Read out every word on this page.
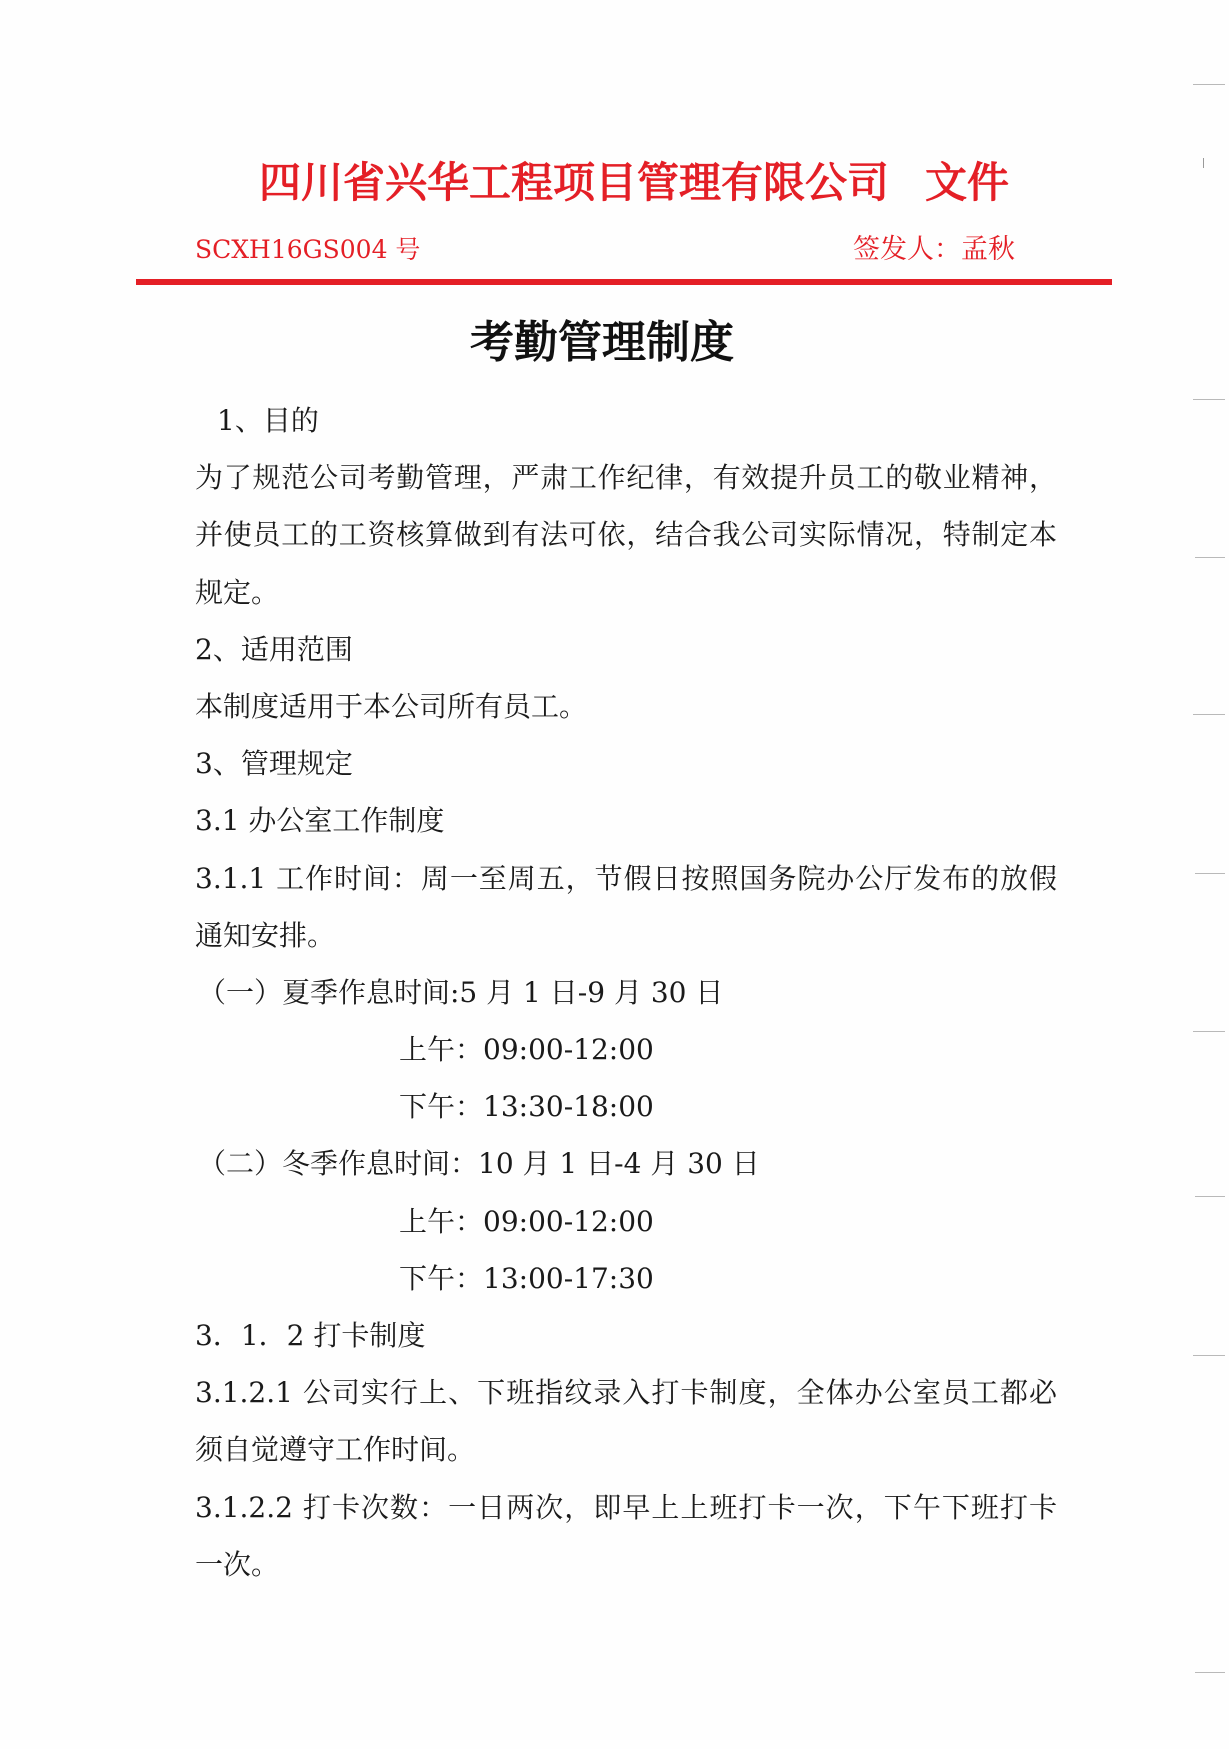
四川省兴华工程项目管理有限公司 文件
SCXH16GS004 号	签发人：孟秋
考勤管理制度
1、目的
为了规范公司考勤管理，严肃工作纪律，有效提升员工的敬业精神，
并使员工的工资核算做到有法可依，结合我公司实际情况，特制定本
规定。
2、适用范围
本制度适用于本公司所有员工。
3、管理规定
3.1 办公室工作制度
3.1.1 工作时间：周一至周五，节假日按照国务院办公厅发布的放假
通知安排。
（一）夏季作息时间:5 月 1 日-9 月 30 日
上午：09:00-12:00
下午：13:30-18:00
（二）冬季作息时间：10 月 1 日-4 月 30 日
上午：09:00-12:00
下午：13:00-17:30
3．1．2 打卡制度
3.1.2.1 公司实行上、下班指纹录入打卡制度，全体办公室员工都必
须自觉遵守工作时间。
3.1.2.2 打卡次数：一日两次，即早上上班打卡一次，下午下班打卡
一次。
